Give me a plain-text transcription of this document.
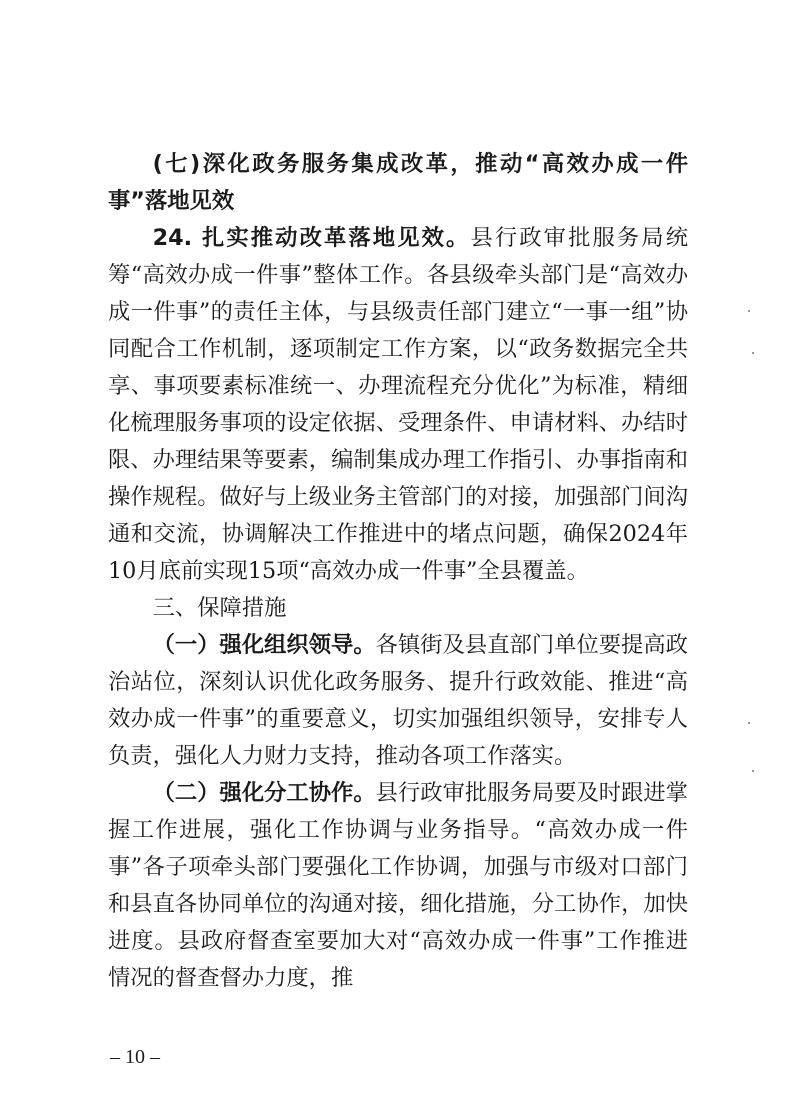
(七)深化政务服务集成改革，推动“高效办成一件事”落地见效

24. 扎实推动改革落地见效。县行政审批服务局统筹“高效办成一件事”整体工作。各县级牵头部门是“高效办成一件事”的责任主体，与县级责任部门建立“一事一组”协同配合工作机制，逐项制定工作方案，以“政务数据完全共享、事项要素标准统一、办理流程充分优化”为标准，精细化梳理服务事项的设定依据、受理条件、申请材料、办结时限、办理结果等要素，编制集成办理工作指引、办事指南和操作规程。做好与上级业务主管部门的对接，加强部门间沟通和交流，协调解决工作推进中的堵点问题，确保2024年10月底前实现15项“高效办成一件事”全县覆盖。

三、保障措施

（一）强化组织领导。各镇街及县直部门单位要提高政治站位，深刻认识优化政务服务、提升行政效能、推进“高效办成一件事”的重要意义，切实加强组织领导，安排专人负责，强化人力财力支持，推动各项工作落实。

（二）强化分工协作。县行政审批服务局要及时跟进掌握工作进展，强化工作协调与业务指导。“高效办成一件事”各子项牵头部门要强化工作协调，加强与市级对口部门和县直各协同单位的沟通对接，细化措施，分工协作，加快进度。县政府督查室要加大对“高效办成一件事”工作推进情况的督查督办力度，推

– 10 –
